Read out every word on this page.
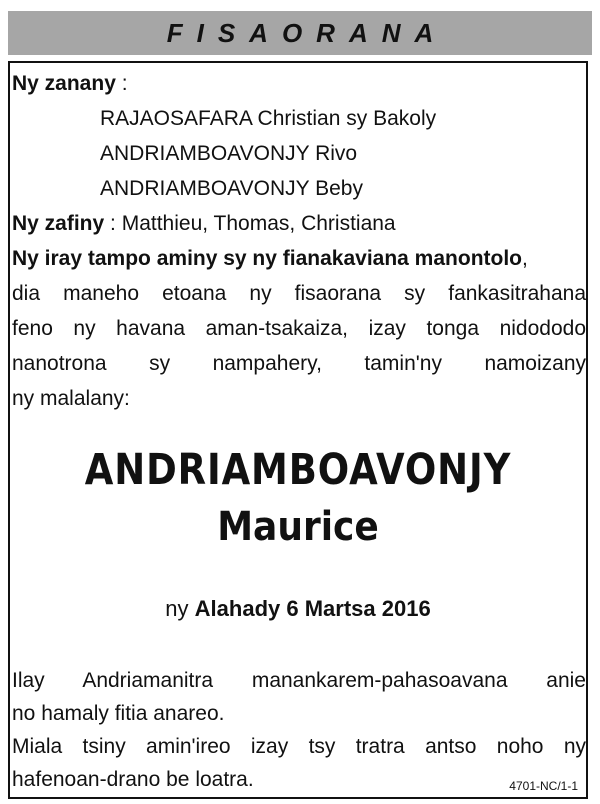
FISAORANA

Ny zanany :

RAJAOSAFARA Christian sy Bakoly

ANDRIAMBOAVONJY Rivo

ANDRIAMBOAVONJY Beby

Ny zafiny : Matthieu, Thomas, Christiana

Ny iray tampo aminy sy ny fianakaviana manontolo,

dia maneho etoana ny fisaorana sy fankasitrahana

feno ny havana aman-tsakaiza, izay tonga nidododo

nanotrona sy nampahery, tamin'ny namoizany

ny malalany:

ANDRIAMBOAVONJY
Maurice
ny Alahady 6 Martsa 2016

Ilay Andriamanitra manankarem-pahasoavana anie

no hamaly fitia anareo.

Miala tsiny amin'ireo izay tsy tratra antso noho ny

hafenoan-drano be loatra.	4701-NC/1-1
